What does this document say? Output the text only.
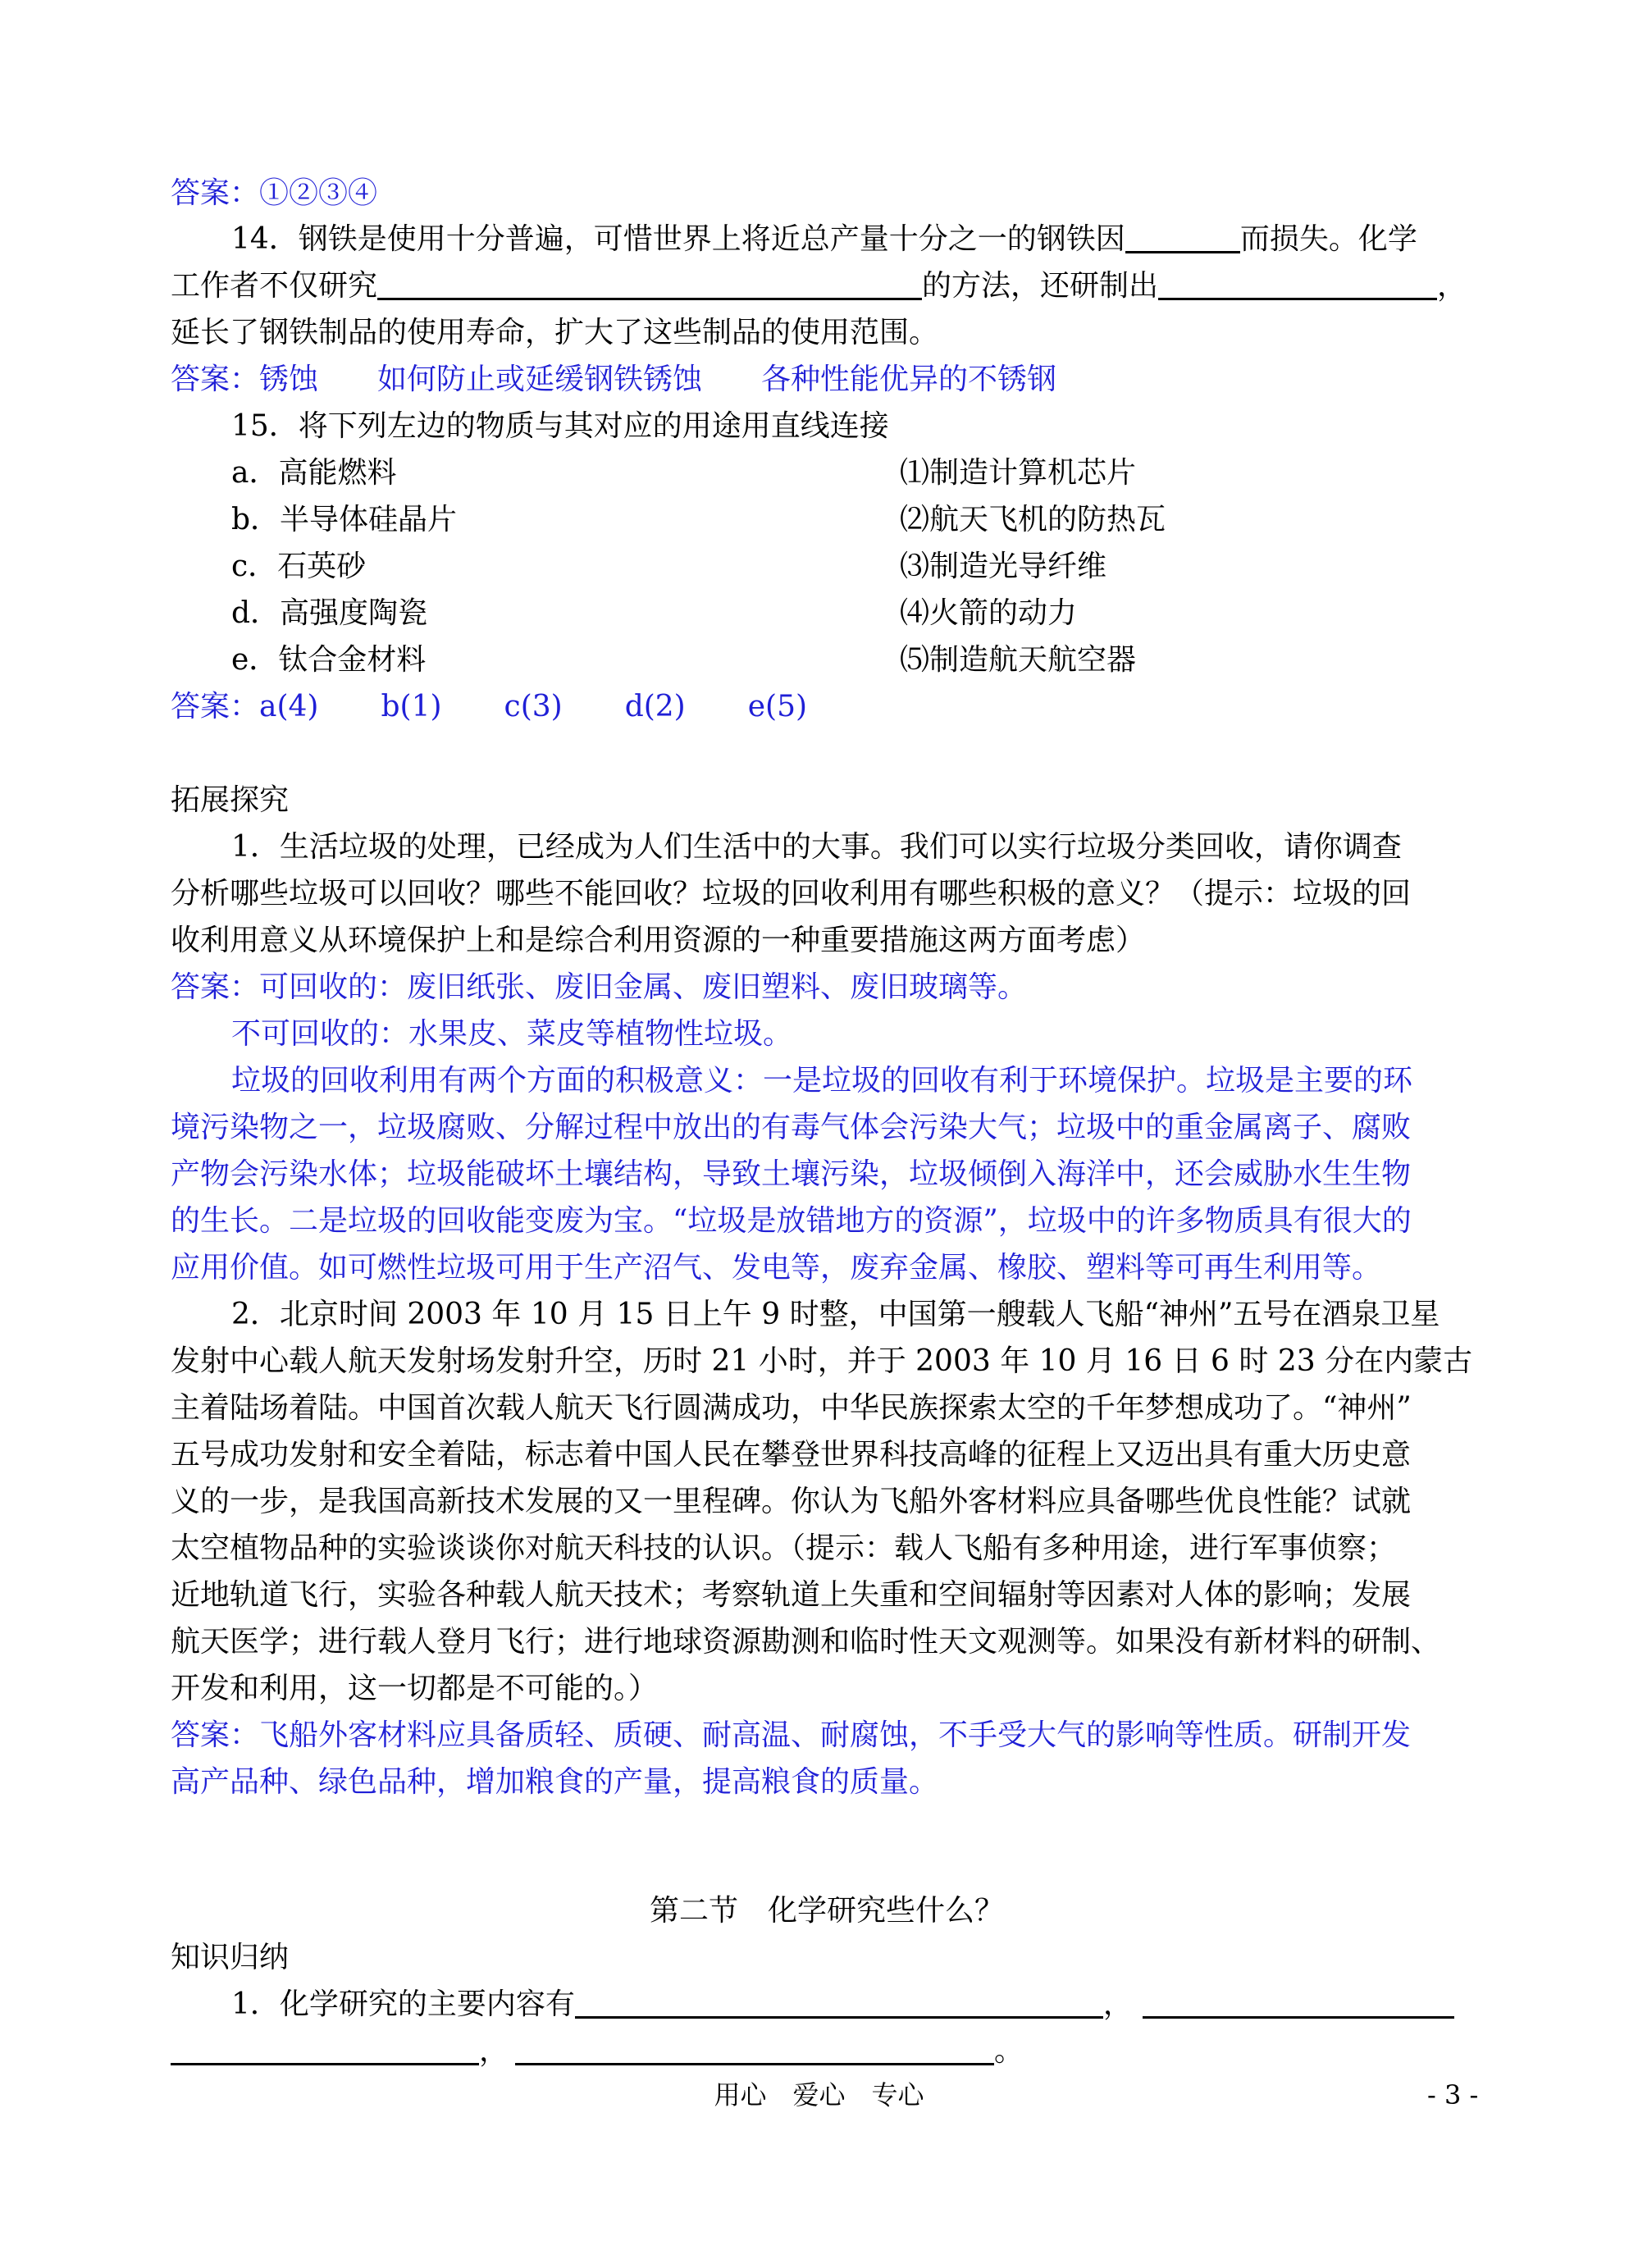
答案：①②③④
14．钢铁是使用十分普遍，可惜世界上将近总产量十分之一的钢铁因	而损失。化学
工作者不仅研究	的方法，还研制出	，
延长了钢铁制品的使用寿命，扩大了这些制品的使用范围。
答案：锈蚀 如何防止或延缓钢铁锈蚀 各种性能优异的不锈钢
15．将下列左边的物质与其对应的用途用直线连接
a．高能燃料	⑴制造计算机芯片
b．半导体硅晶片	⑵航天飞机的防热瓦
c．石英砂	⑶制造光导纤维
d．高强度陶瓷	⑷火箭的动力
e．钛合金材料	⑸制造航天航空器
答案：a(4) b(1) c(3) d(2) e(5)
拓展探究
1．生活垃圾的处理，已经成为人们生活中的大事。我们可以实行垃圾分类回收，请你调查
分析哪些垃圾可以回收？哪些不能回收？垃圾的回收利用有哪些积极的意义？（提示：垃圾的回
收利用意义从环境保护上和是综合利用资源的一种重要措施这两方面考虑）
答案：可回收的：废旧纸张、废旧金属、废旧塑料、废旧玻璃等。
不可回收的：水果皮、菜皮等植物性垃圾。
垃圾的回收利用有两个方面的积极意义：一是垃圾的回收有利于环境保护。垃圾是主要的环
境污染物之一，垃圾腐败、分解过程中放出的有毒气体会污染大气；垃圾中的重金属离子、腐败
产物会污染水体；垃圾能破坏土壤结构，导致土壤污染，垃圾倾倒入海洋中，还会威胁水生生物
的生长。二是垃圾的回收能变废为宝。“垃圾是放错地方的资源”，垃圾中的许多物质具有很大的
应用价值。如可燃性垃圾可用于生产沼气、发电等，废弃金属、橡胶、塑料等可再生利用等。
2．北京时间 2003 年 10 月 15 日上午 9 时整，中国第一艘载人飞船“神州”五号在酒泉卫星
发射中心载人航天发射场发射升空，历时 21 小时，并于 2003 年 10 月 16 日 6 时 23 分在内蒙古
主着陆场着陆。中国首次载人航天飞行圆满成功，中华民族探索太空的千年梦想成功了。“神州”
五号成功发射和安全着陆，标志着中国人民在攀登世界科技高峰的征程上又迈出具有重大历史意
义的一步，是我国高新技术发展的又一里程碑。你认为飞船外客材料应具备哪些优良性能？试就
太空植物品种的实验谈谈你对航天科技的认识。（提示：载人飞船有多种用途，进行军事侦察；
近地轨道飞行，实验各种载人航天技术；考察轨道上失重和空间辐射等因素对人体的影响；发展
航天医学；进行载人登月飞行；进行地球资源勘测和临时性天文观测等。如果没有新材料的研制、
开发和利用，这一切都是不可能的。）
答案：飞船外客材料应具备质轻、质硬、耐高温、耐腐蚀，不手受大气的影响等性质。研制开发
高产品种、绿色品种，增加粮食的产量，提高粮食的质量。
第二节　化学研究些什么？
知识归纳
1．化学研究的主要内容有	，
，	。
用心　爱心　专心	- 3 -
